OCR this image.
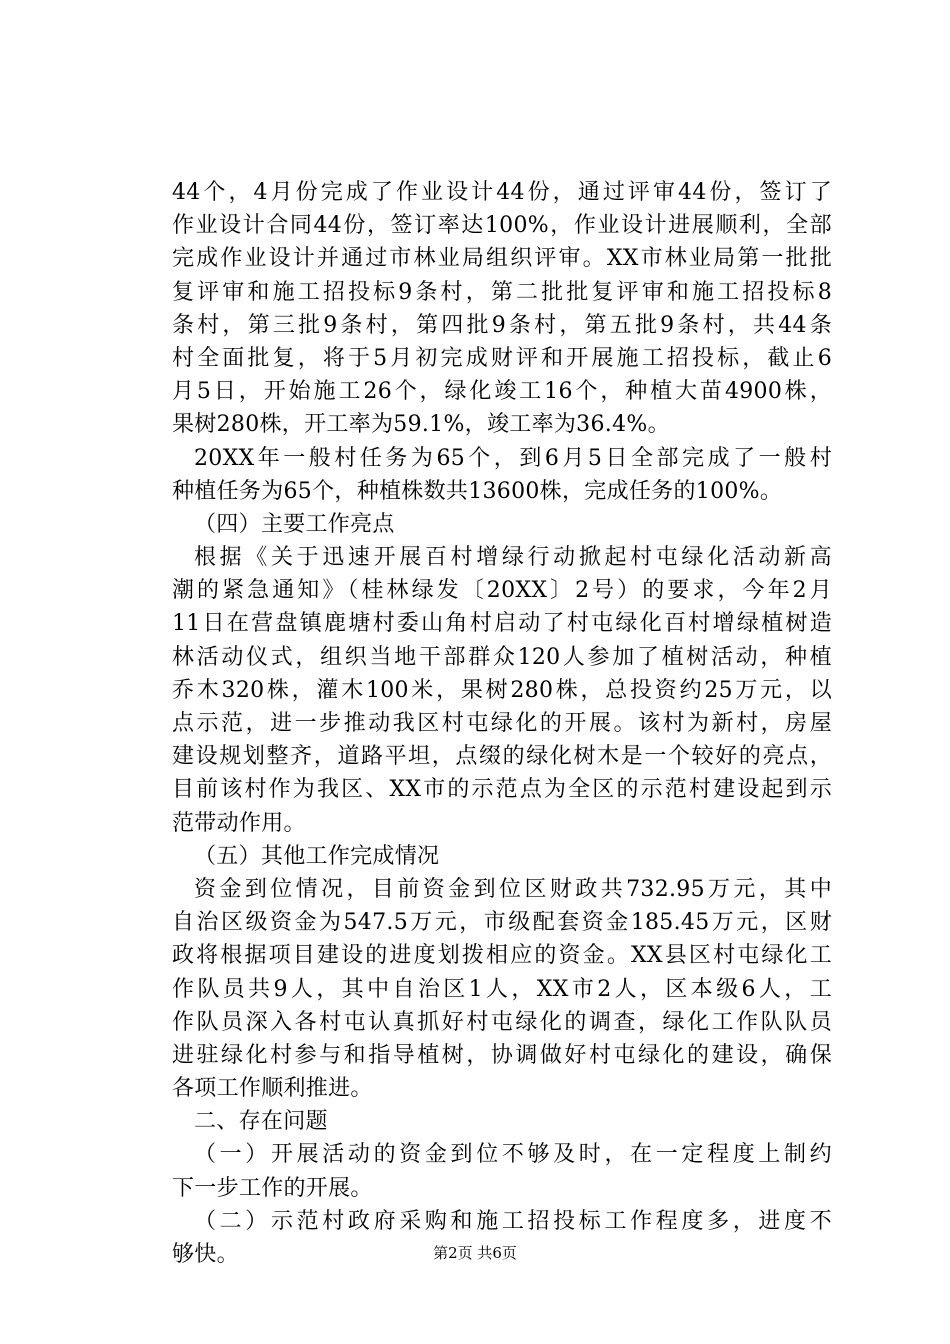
44个，4月份完成了作业设计44份，通过评审44份，签订了
作业设计合同44份，签订率达100%，作业设计进展顺利，全部
完成作业设计并通过市林业局组织评审。XX市林业局第一批批
复评审和施工招投标9条村，第二批批复评审和施工招投标8
条村，第三批9条村，第四批9条村，第五批9条村，共44条
村全面批复，将于5月初完成财评和开展施工招投标，截止6
月5日，开始施工26个，绿化竣工16个，种植大苗4900株，
果树280株，开工率为59.1%，竣工率为36.4%。
20XX年一般村任务为65个，到6月5日全部完成了一般村
种植任务为65个，种植株数共13600株，完成任务的100%。
（四）主要工作亮点
根据《关于迅速开展百村增绿行动掀起村屯绿化活动新高
潮的紧急通知》（桂林绿发〔20XX〕2号）的要求，今年2月
11日在营盘镇鹿塘村委山角村启动了村屯绿化百村增绿植树造
林活动仪式，组织当地干部群众120人参加了植树活动，种植
乔木320株，灌木100米，果树280株，总投资约25万元，以
点示范，进一步推动我区村屯绿化的开展。该村为新村，房屋
建设规划整齐，道路平坦，点缀的绿化树木是一个较好的亮点，
目前该村作为我区、XX市的示范点为全区的示范村建设起到示
范带动作用。
（五）其他工作完成情况
资金到位情况，目前资金到位区财政共732.95万元，其中
自治区级资金为547.5万元，市级配套资金185.45万元，区财
政将根据项目建设的进度划拨相应的资金。XX县区村屯绿化工
作队员共9人，其中自治区1人，XX市2人，区本级6人，工
作队员深入各村屯认真抓好村屯绿化的调查，绿化工作队队员
进驻绿化村参与和指导植树，协调做好村屯绿化的建设，确保
各项工作顺利推进。
二、存在问题
（一）开展活动的资金到位不够及时，在一定程度上制约
下一步工作的开展。
（二）示范村政府采购和施工招投标工作程度多，进度不
够快。	第2页 共6页
